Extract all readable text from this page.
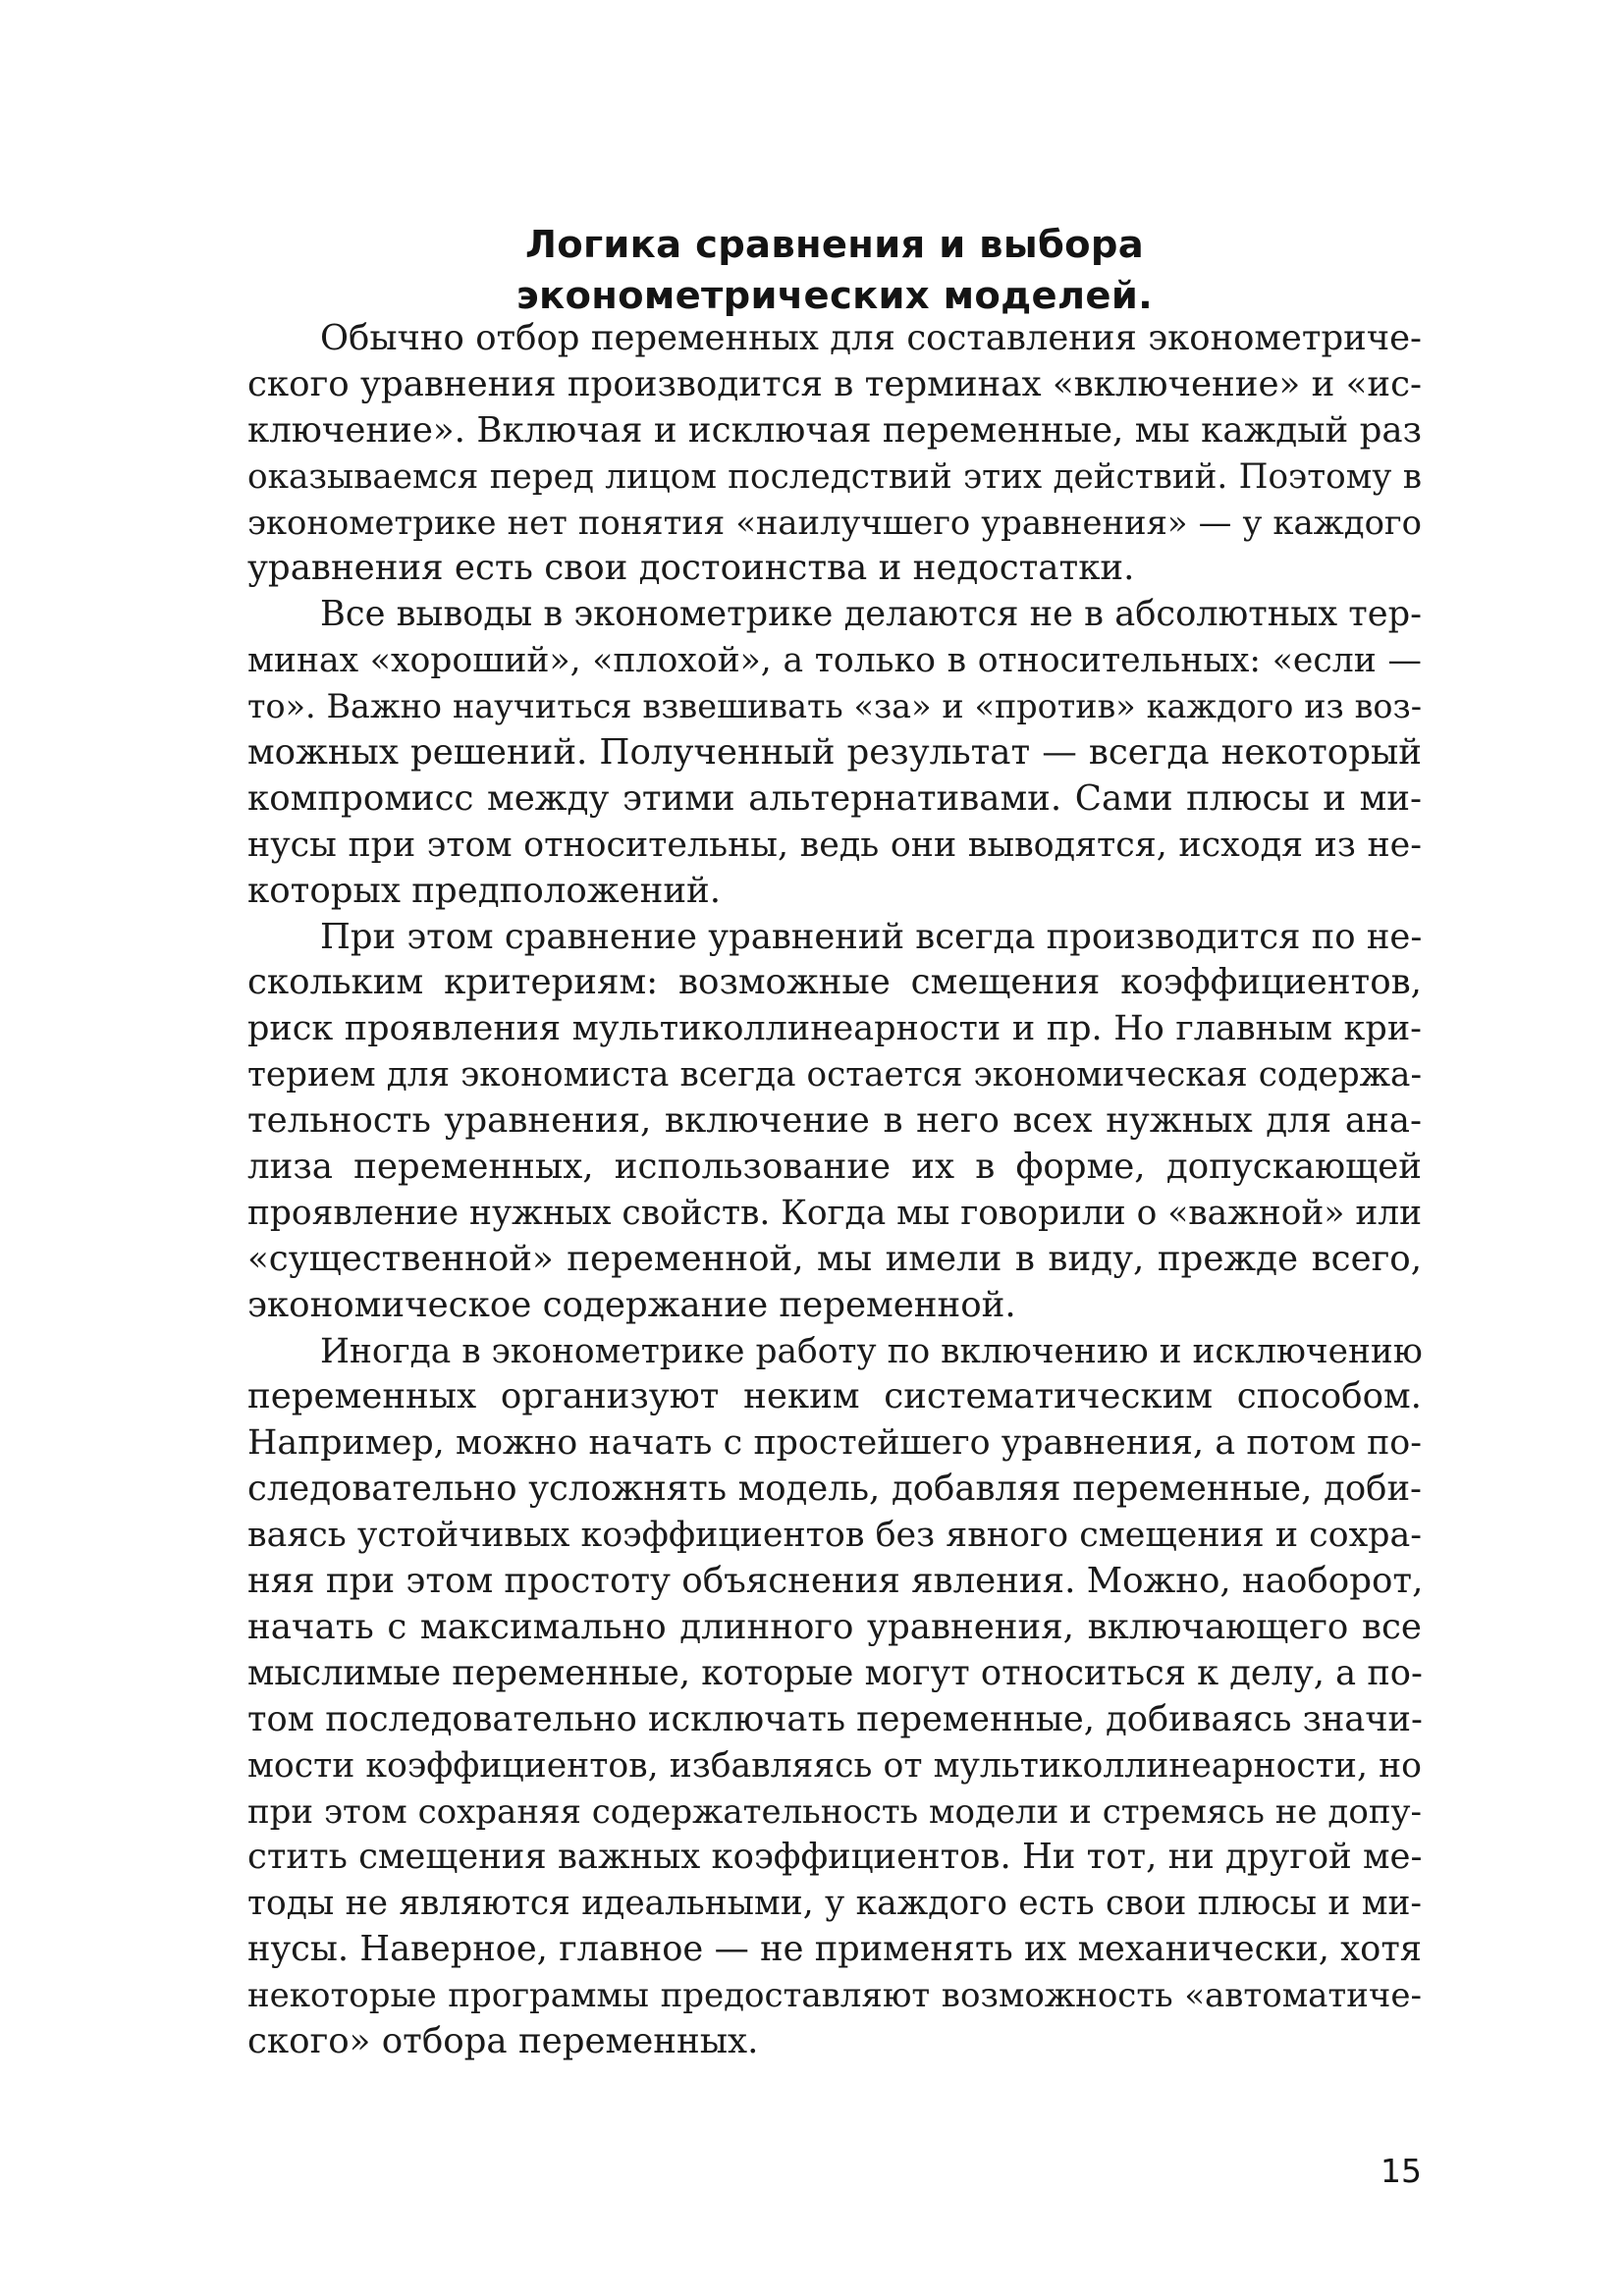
Логика сравнения и выбора
эконометрических моделей.

Обычно отбор переменных для составления эконометриче-
ского уравнения производится в терминах «включение» и «ис-
ключение». Включая и исключая переменные, мы каждый раз
оказываемся перед лицом последствий этих действий. Поэтому в
эконометрике нет понятия «наилучшего уравнения» — у каждого
уравнения есть свои достоинства и недостатки.

Все выводы в эконометрике делаются не в абсолютных тер-
минах «хороший», «плохой», а только в относительных: «если —
то». Важно научиться взвешивать «за» и «против» каждого из воз-
можных решений. Полученный результат — всегда некоторый
компромисс между этими альтернативами. Сами плюсы и ми-
нусы при этом относительны, ведь они выводятся, исходя из не-
которых предположений.

При этом сравнение уравнений всегда производится по не-
скольким критериям: возможные смещения коэффициентов,
риск проявления мультиколлинеарности и пр. Но главным кри-
терием для экономиста всегда остается экономическая содержа-
тельность уравнения, включение в него всех нужных для ана-
лиза переменных, использование их в форме, допускающей
проявление нужных свойств. Когда мы говорили о «важной» или
«существенной» переменной, мы имели в виду, прежде всего,
экономическое содержание переменной.

Иногда в эконометрике работу по включению и исключению
переменных организуют неким систематическим способом.
Например, можно начать с простейшего уравнения, а потом по-
следовательно усложнять модель, добавляя переменные, доби-
ваясь устойчивых коэффициентов без явного смещения и сохра-
няя при этом простоту объяснения явления. Можно, наоборот,
начать с максимально длинного уравнения, включающего все
мыслимые переменные, которые могут относиться к делу, а по-
том последовательно исключать переменные, добиваясь значи-
мости коэффициентов, избавляясь от мультиколлинеарности, но
при этом сохраняя содержательность модели и стремясь не допу-
стить смещения важных коэффициентов. Ни тот, ни другой ме-
тоды не являются идеальными, у каждого есть свои плюсы и ми-
нусы. Наверное, главное — не применять их механически, хотя
некоторые программы предоставляют возможность «автоматиче-
ского» отбора переменных.

15
